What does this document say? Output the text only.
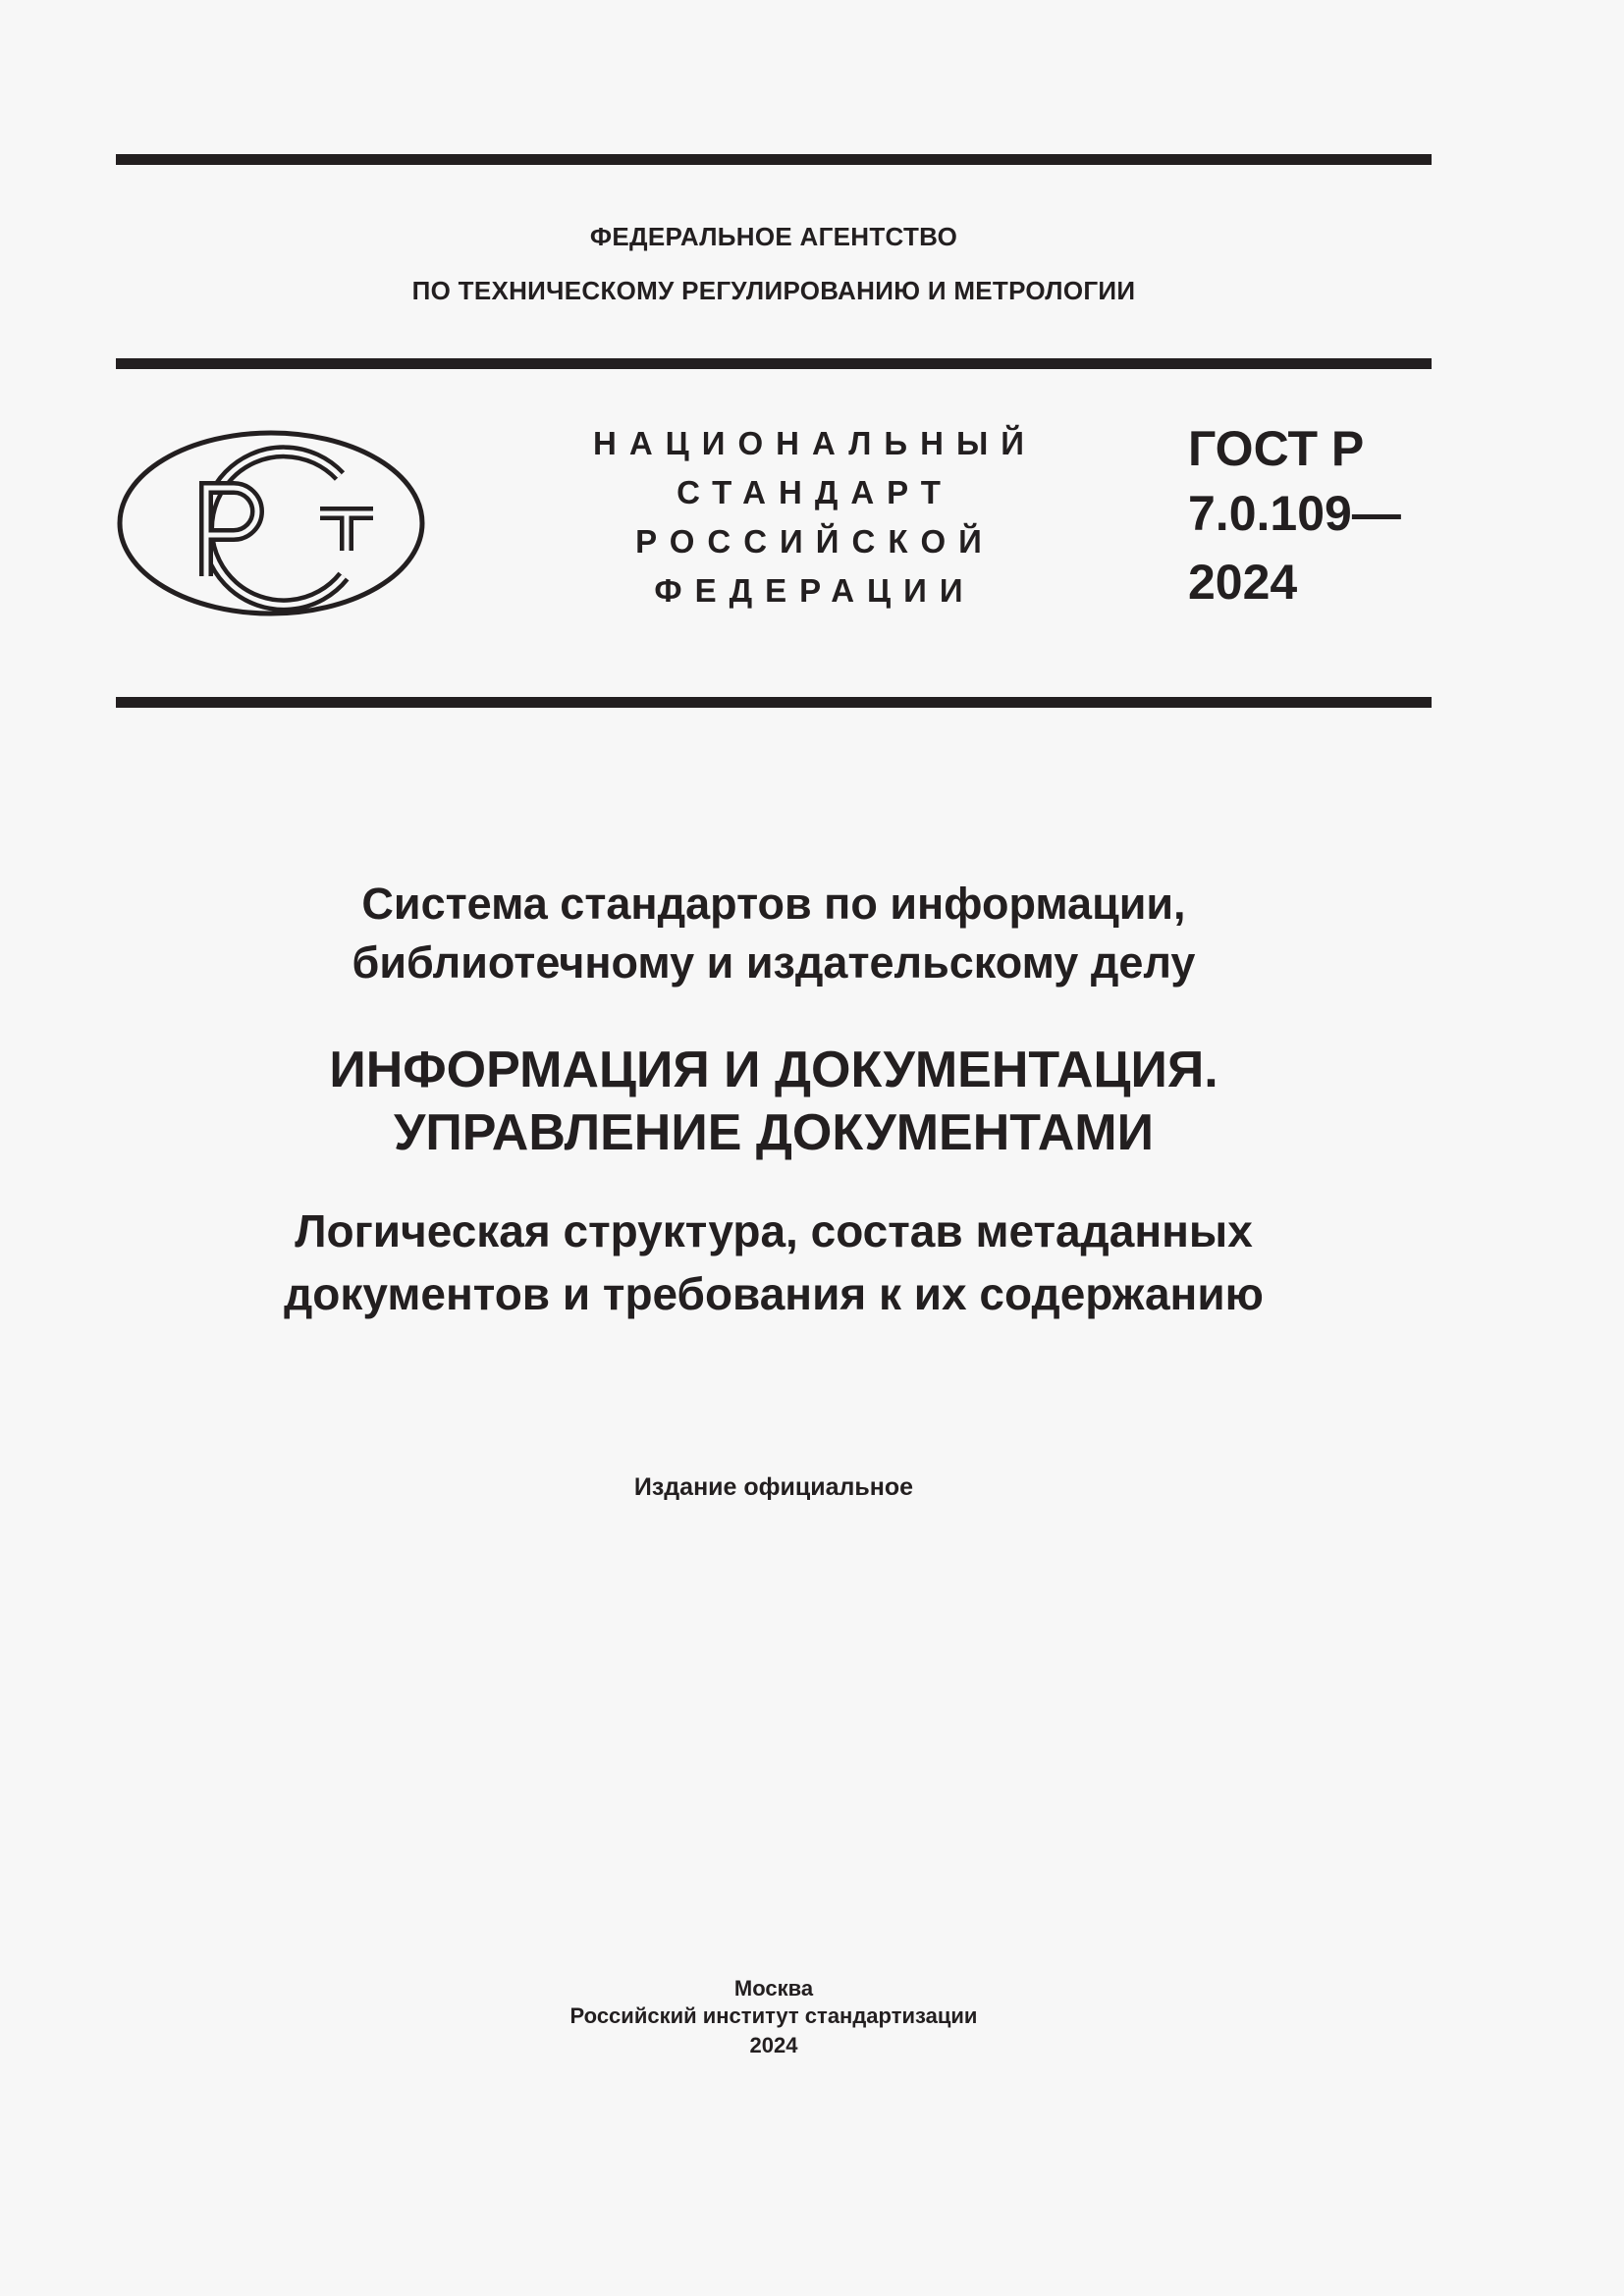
ФЕДЕРАЛЬНОЕ АГЕНТСТВО
ПО ТЕХНИЧЕСКОМУ РЕГУЛИРОВАНИЮ И МЕТРОЛОГИИ
НАЦИОНАЛЬНЫЙ
СТАНДАРТ
РОССИЙСКОЙ
ФЕДЕРАЦИИ
ГОСТ Р
7.0.109—
2024
Система стандартов по информации,
библиотечному и издательскому делу
ИНФОРМАЦИЯ И ДОКУМЕНТАЦИЯ.
УПРАВЛЕНИЕ ДОКУМЕНТАМИ
Логическая структура, состав метаданных
документов и требования к их содержанию
Издание официальное
Москва
Российский институт стандартизации
2024
